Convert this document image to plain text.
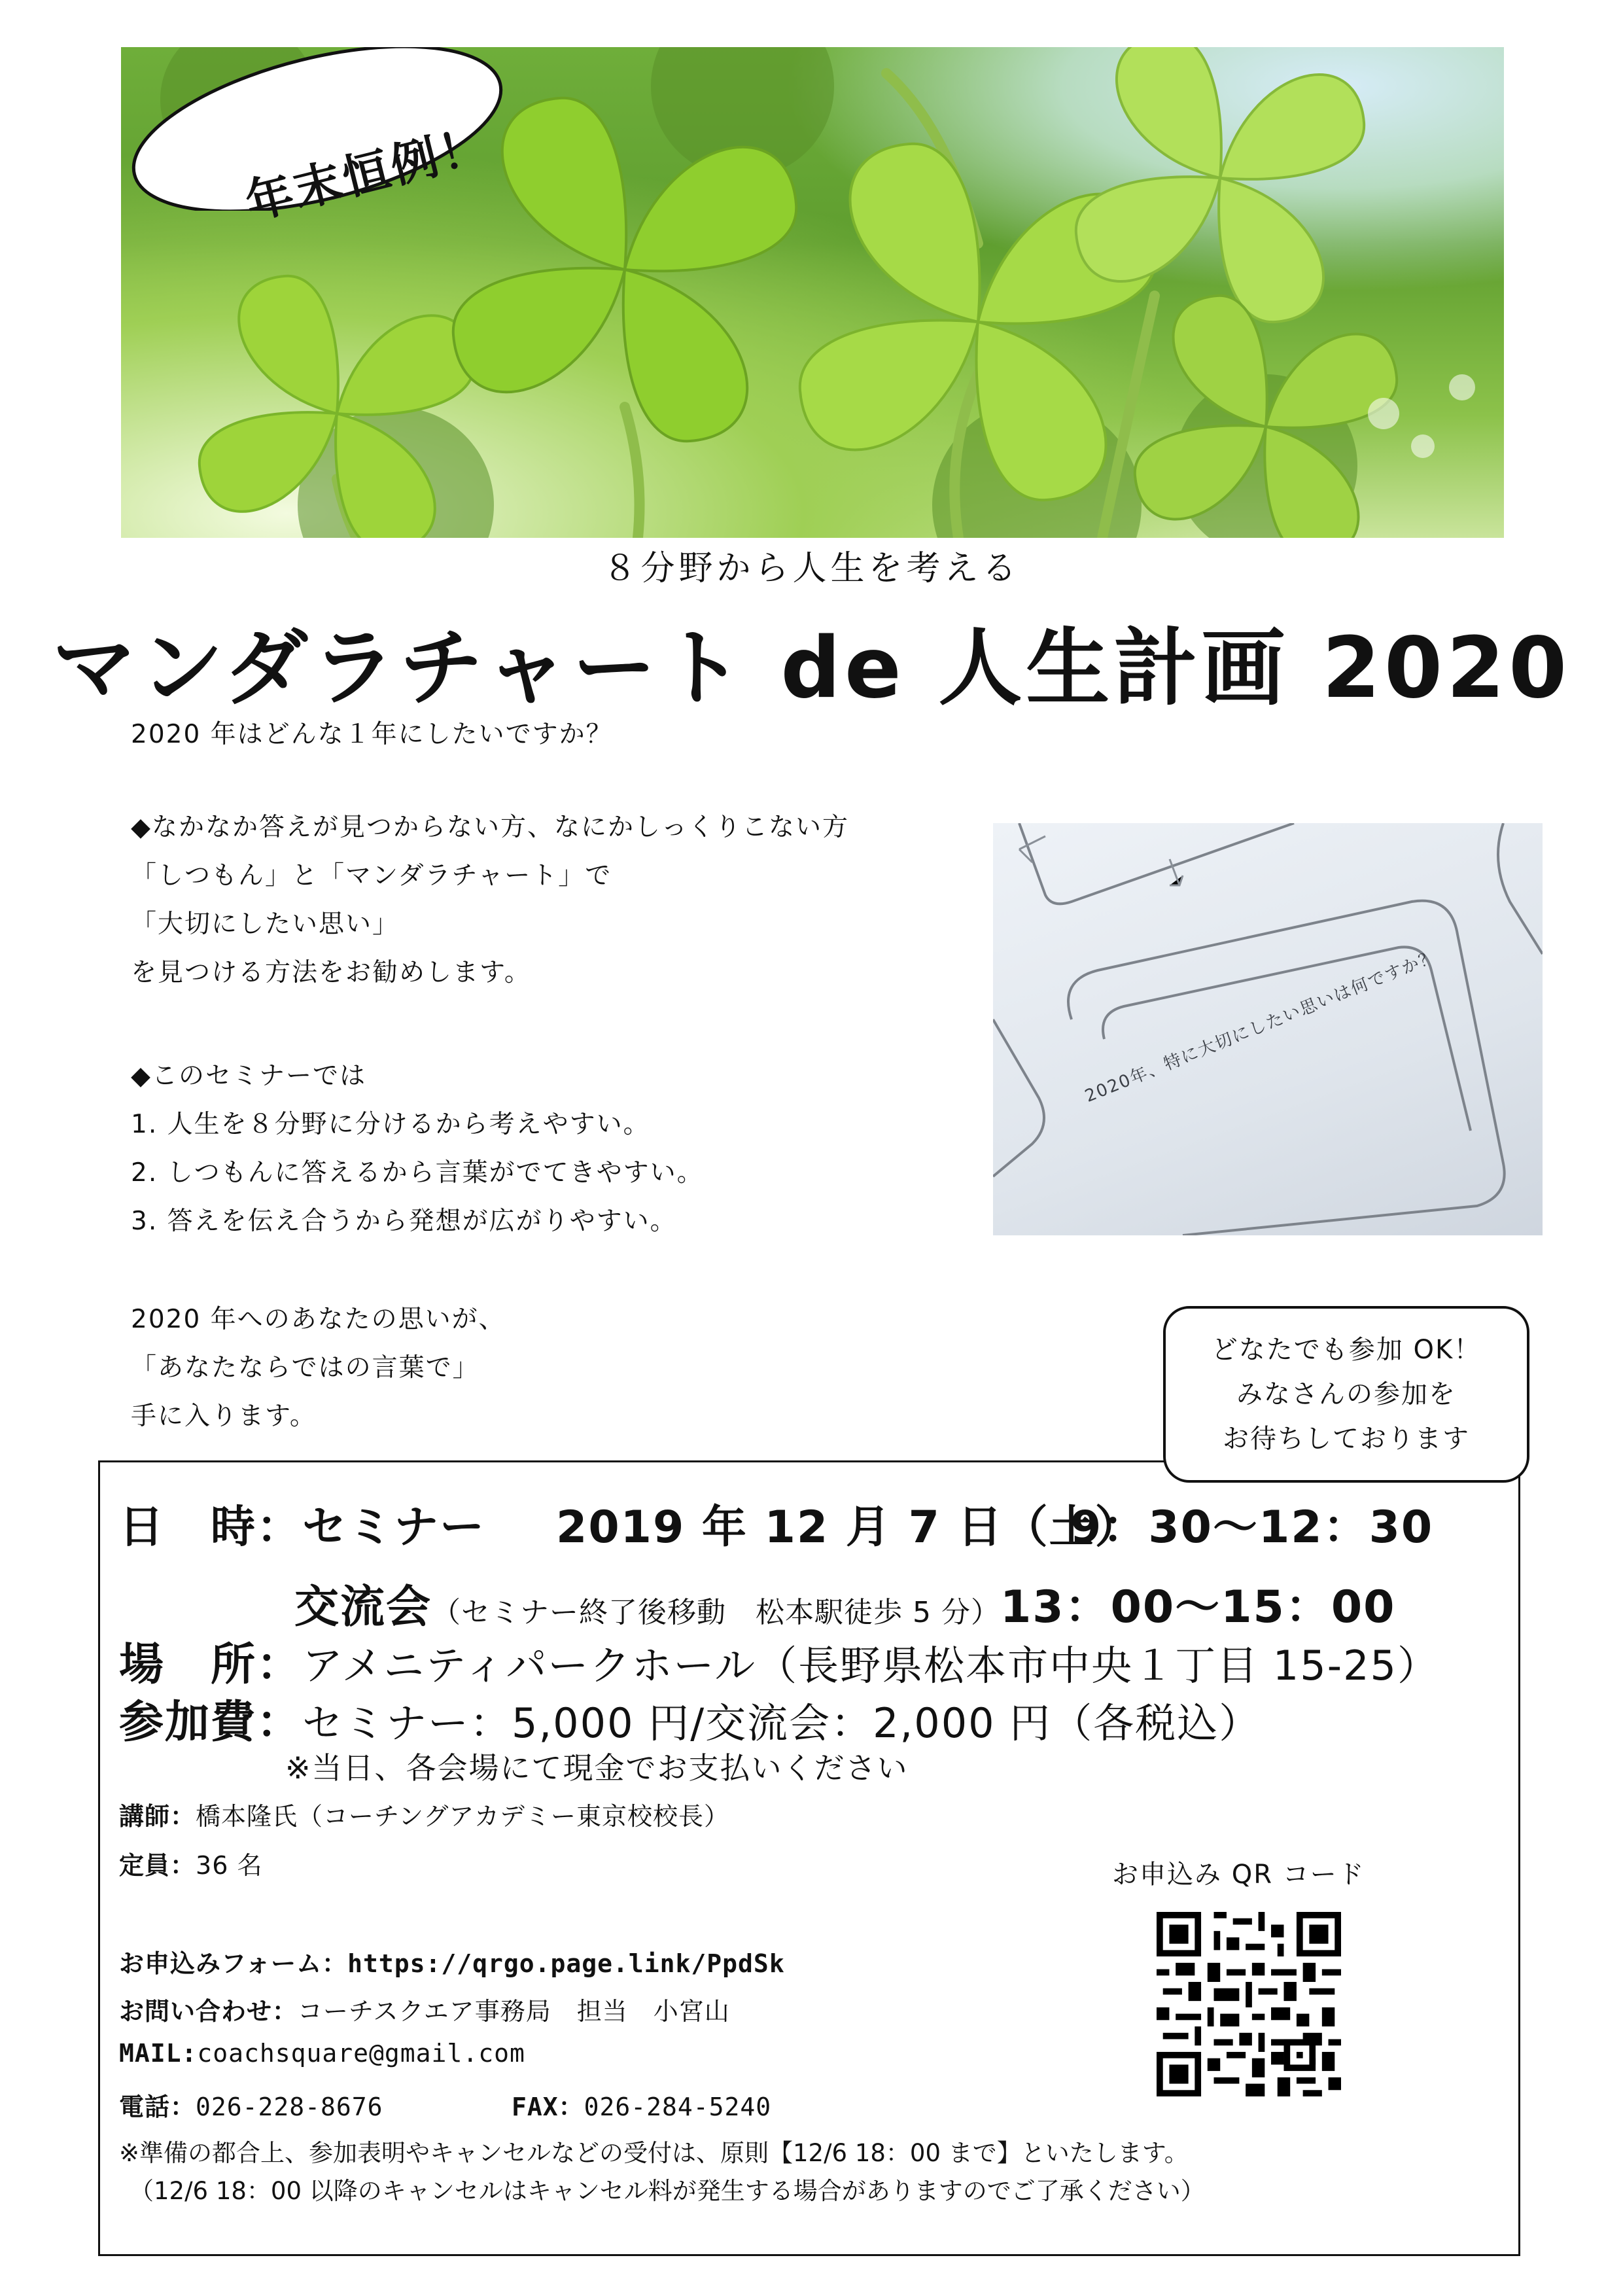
年末恒例！
８分野から人生を考える
マンダラチャート de 人生計画 2020
2020 年はどんな１年にしたいですか？
◆なかなか答えが見つからない方、なにかしっくりこない方
「しつもん」と「マンダラチャート」で
「大切にしたい思い」
を見つける方法をお勧めします。
◆このセミナーでは
1. 人生を８分野に分けるから考えやすい。
2. しつもんに答えるから言葉がでてきやすい。
3. 答えを伝え合うから発想が広がりやすい。
2020 年へのあなたの思いが、
「あなたならではの言葉で」
手に入ります。
2020年、特に大切にしたい思いは何ですか？
どなたでも参加 OK！
みなさんの参加を
お待ちしております
日　時：セミナー 2019 年 12 月 7 日（土）
9：30〜12：30
交流会（セミナー終了後移動　松本駅徒歩 5 分）13：00〜15：00
場　所：アメニティパークホール（長野県松本市中央１丁目 15-25）
参加費：セミナー：5,000 円/交流会：2,000 円（各税込）
※当日、各会場にて現金でお支払いください
講師：橋本隆氏（コーチングアカデミー東京校校長）
定員：36 名
お申込みフォーム：https://qrgo.page.link/PpdSk
お問い合わせ：コーチスクエア事務局　担当　小宮山
MAIL:coachsquare@gmail.com
電話：026-228-8676	FAX：026-284-5240
※準備の都合上、参加表明やキャンセルなどの受付は、原則【12/6 18：00 まで】といたします。
（12/6 18：00 以降のキャンセルはキャンセル料が発生する場合がありますのでご了承ください）
お申込み QR コード
